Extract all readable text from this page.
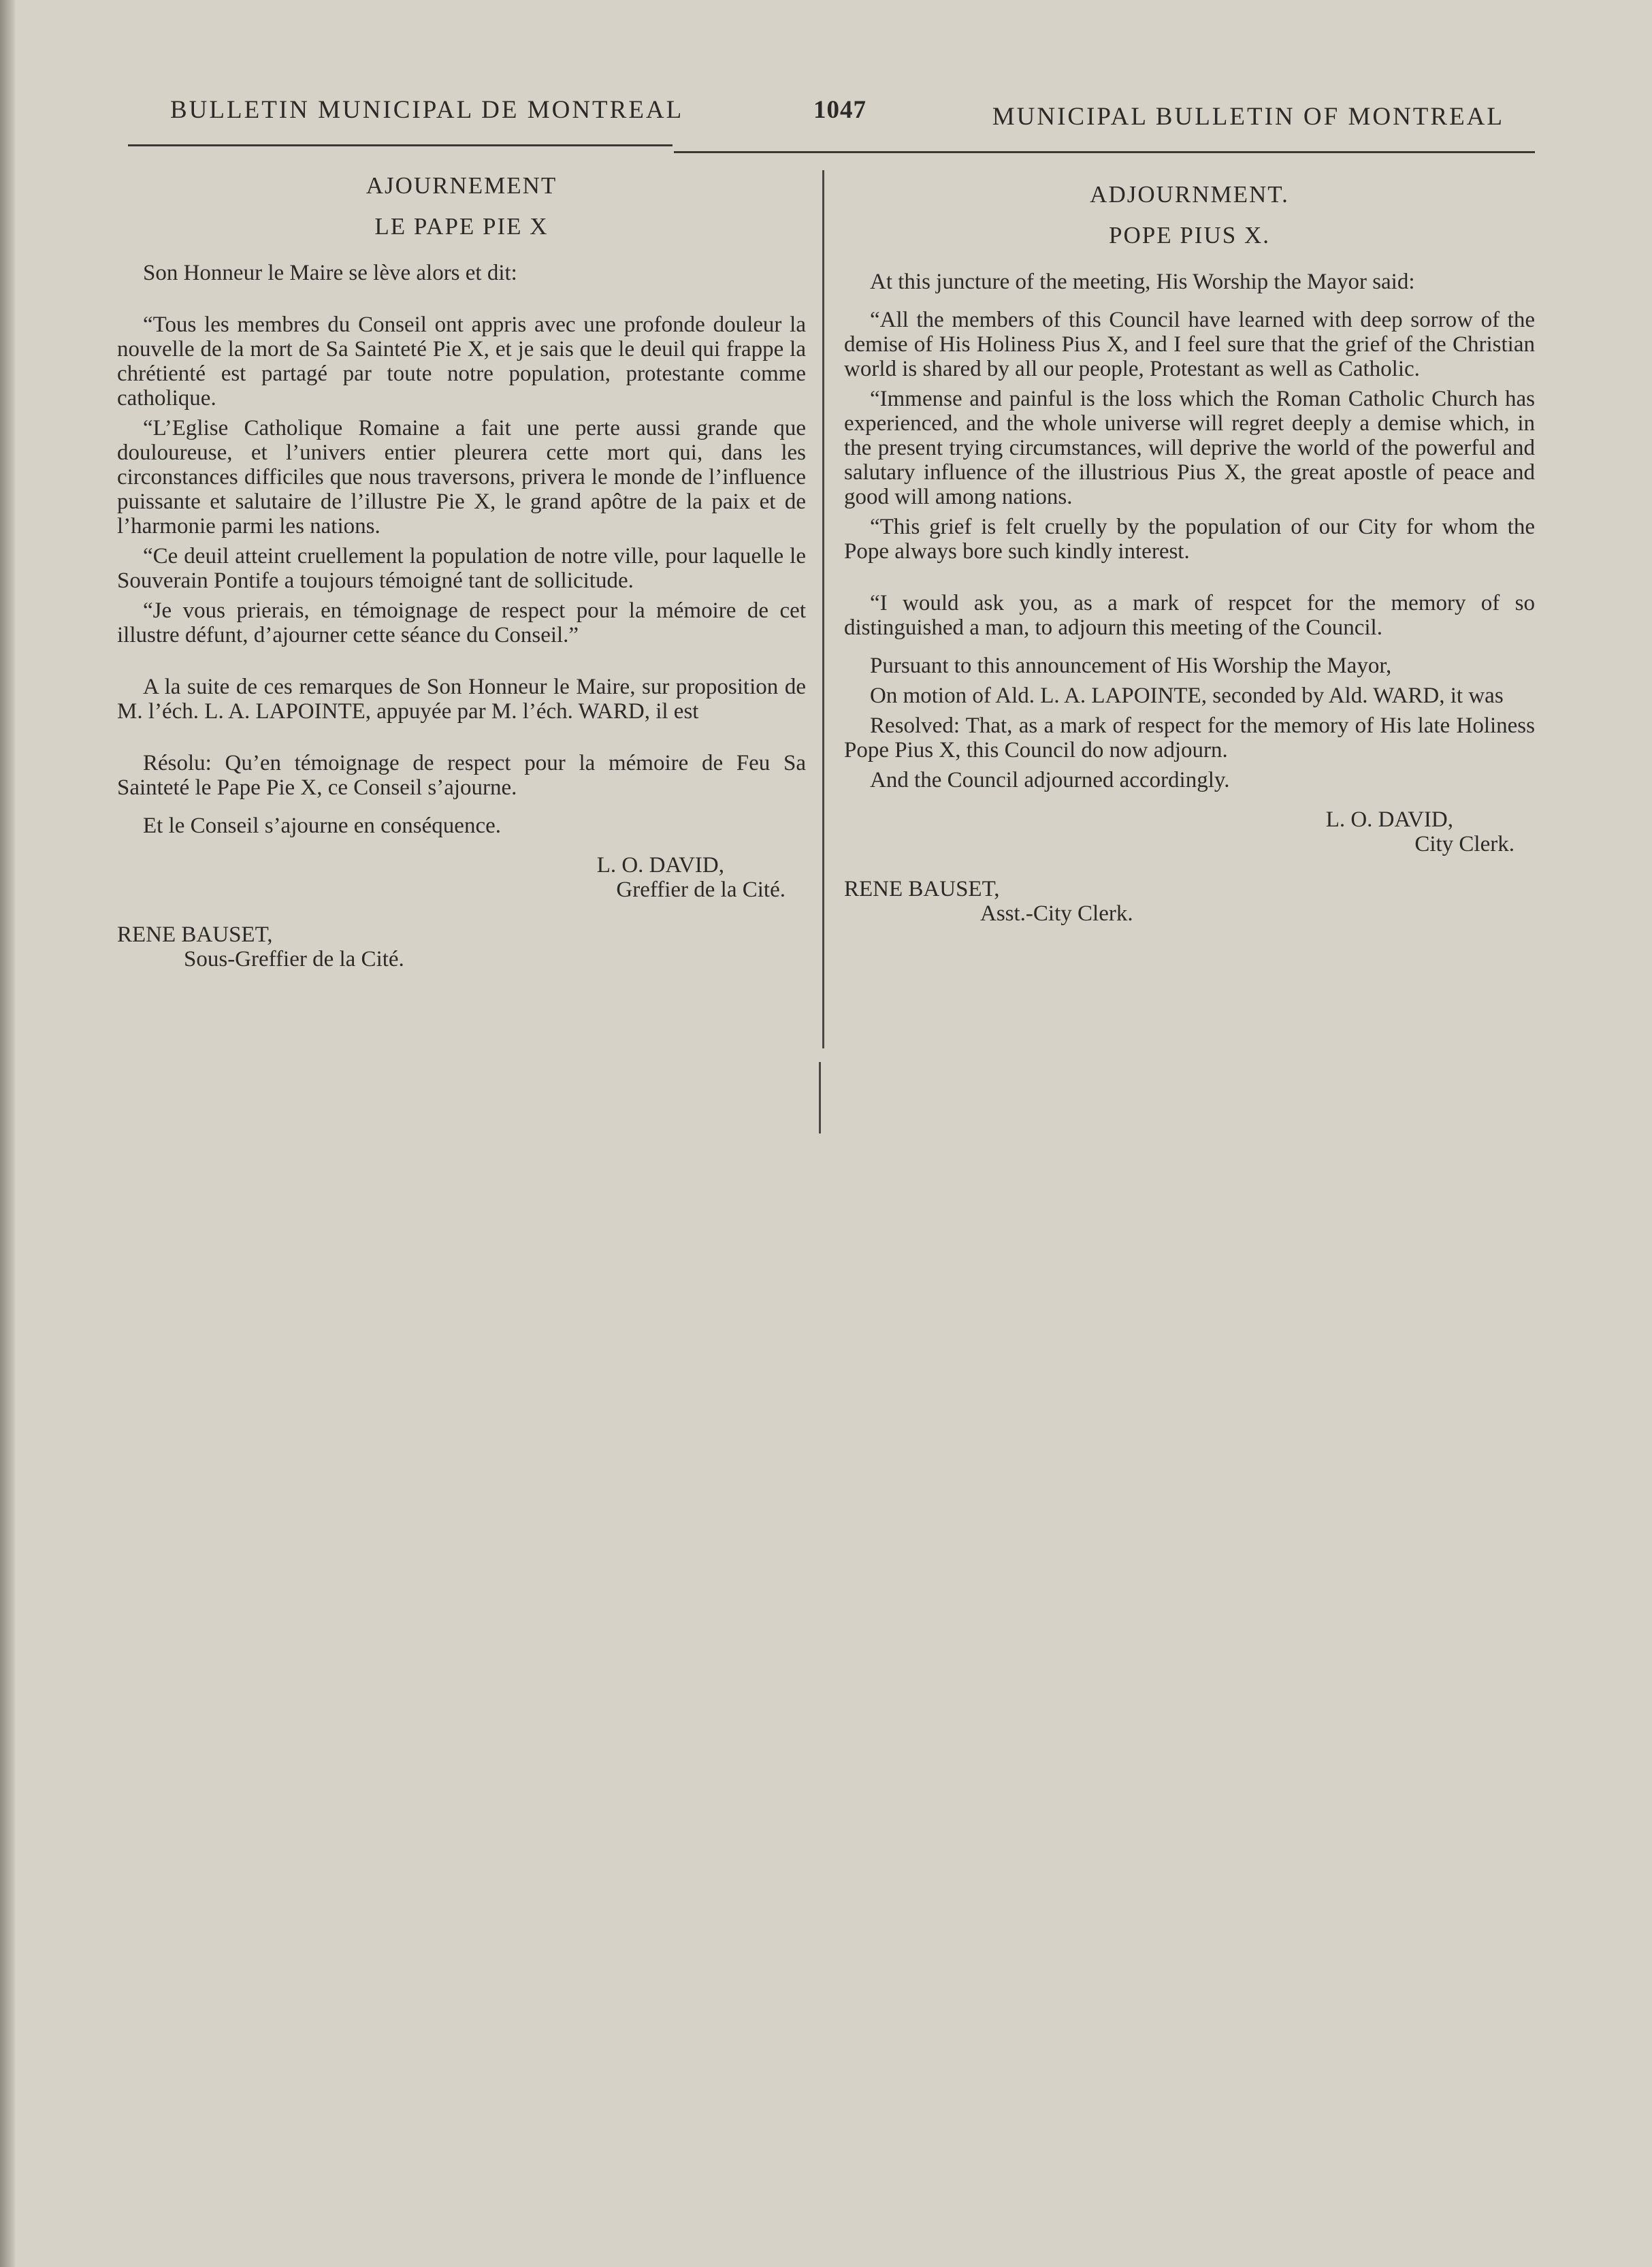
BULLETIN MUNICIPAL DE MONTREAL	1047	MUNICIPAL BULLETIN OF MONTREAL

AJOURNEMENT

LE PAPE PIE X

Son Honneur le Maire se lève alors et dit:

“Tous les membres du Conseil ont appris avec une profonde douleur la nouvelle de la mort de Sa Sainteté Pie X, et je sais que le deuil qui frappe la chrétienté est partagé par toute notre population, protestante comme catholique.

“L’Eglise Catholique Romaine a fait une perte aussi grande que douloureuse, et l’univers entier pleurera cette mort qui, dans les circonstances difficiles que nous traversons, privera le monde de l’influence puissante et salutaire de l’illustre Pie X, le grand apôtre de la paix et de l’harmonie parmi les nations.

“Ce deuil atteint cruellement la population de notre ville, pour laquelle le Souverain Pontife a toujours témoigné tant de sollicitude.

“Je vous prierais, en témoignage de respect pour la mémoire de cet illustre défunt, d’ajourner cette séance du Conseil.”

A la suite de ces remarques de Son Honneur le Maire, sur proposition de M. l’éch. L. A. LAPOINTE, appuyée par M. l’éch. WARD, il est

Résolu: Qu’en témoignage de respect pour la mémoire de Feu Sa Sainteté le Pape Pie X, ce Conseil s’ajourne.

Et le Conseil s’ajourne en conséquence.

L. O. DAVID,

Greffier de la Cité.

RENE BAUSET,

Sous-Greffier de la Cité.

ADJOURNMENT.

POPE PIUS X.

At this juncture of the meeting, His Worship the Mayor said:

“All the members of this Council have learned with deep sorrow of the demise of His Holiness Pius X, and I feel sure that the grief of the Christian world is shared by all our people, Protestant as well as Catholic.

“Immense and painful is the loss which the Roman Catholic Church has experienced, and the whole universe will regret deeply a demise which, in the present trying circumstances, will deprive the world of the powerful and salutary influence of the illustrious Pius X, the great apostle of peace and good will among nations.

“This grief is felt cruelly by the population of our City for whom the Pope always bore such kindly interest.

“I would ask you, as a mark of respcet for the memory of so distinguished a man, to adjourn this meeting of the Council.

Pursuant to this announcement of His Worship the Mayor,

On motion of Ald. L. A. LAPOINTE, seconded by Ald. WARD, it was

Resolved: That, as a mark of respect for the memory of His late Holiness Pope Pius X, this Council do now adjourn.

And the Council adjourned accordingly.

L. O. DAVID,

City Clerk.

RENE BAUSET,

Asst.-City Clerk.
